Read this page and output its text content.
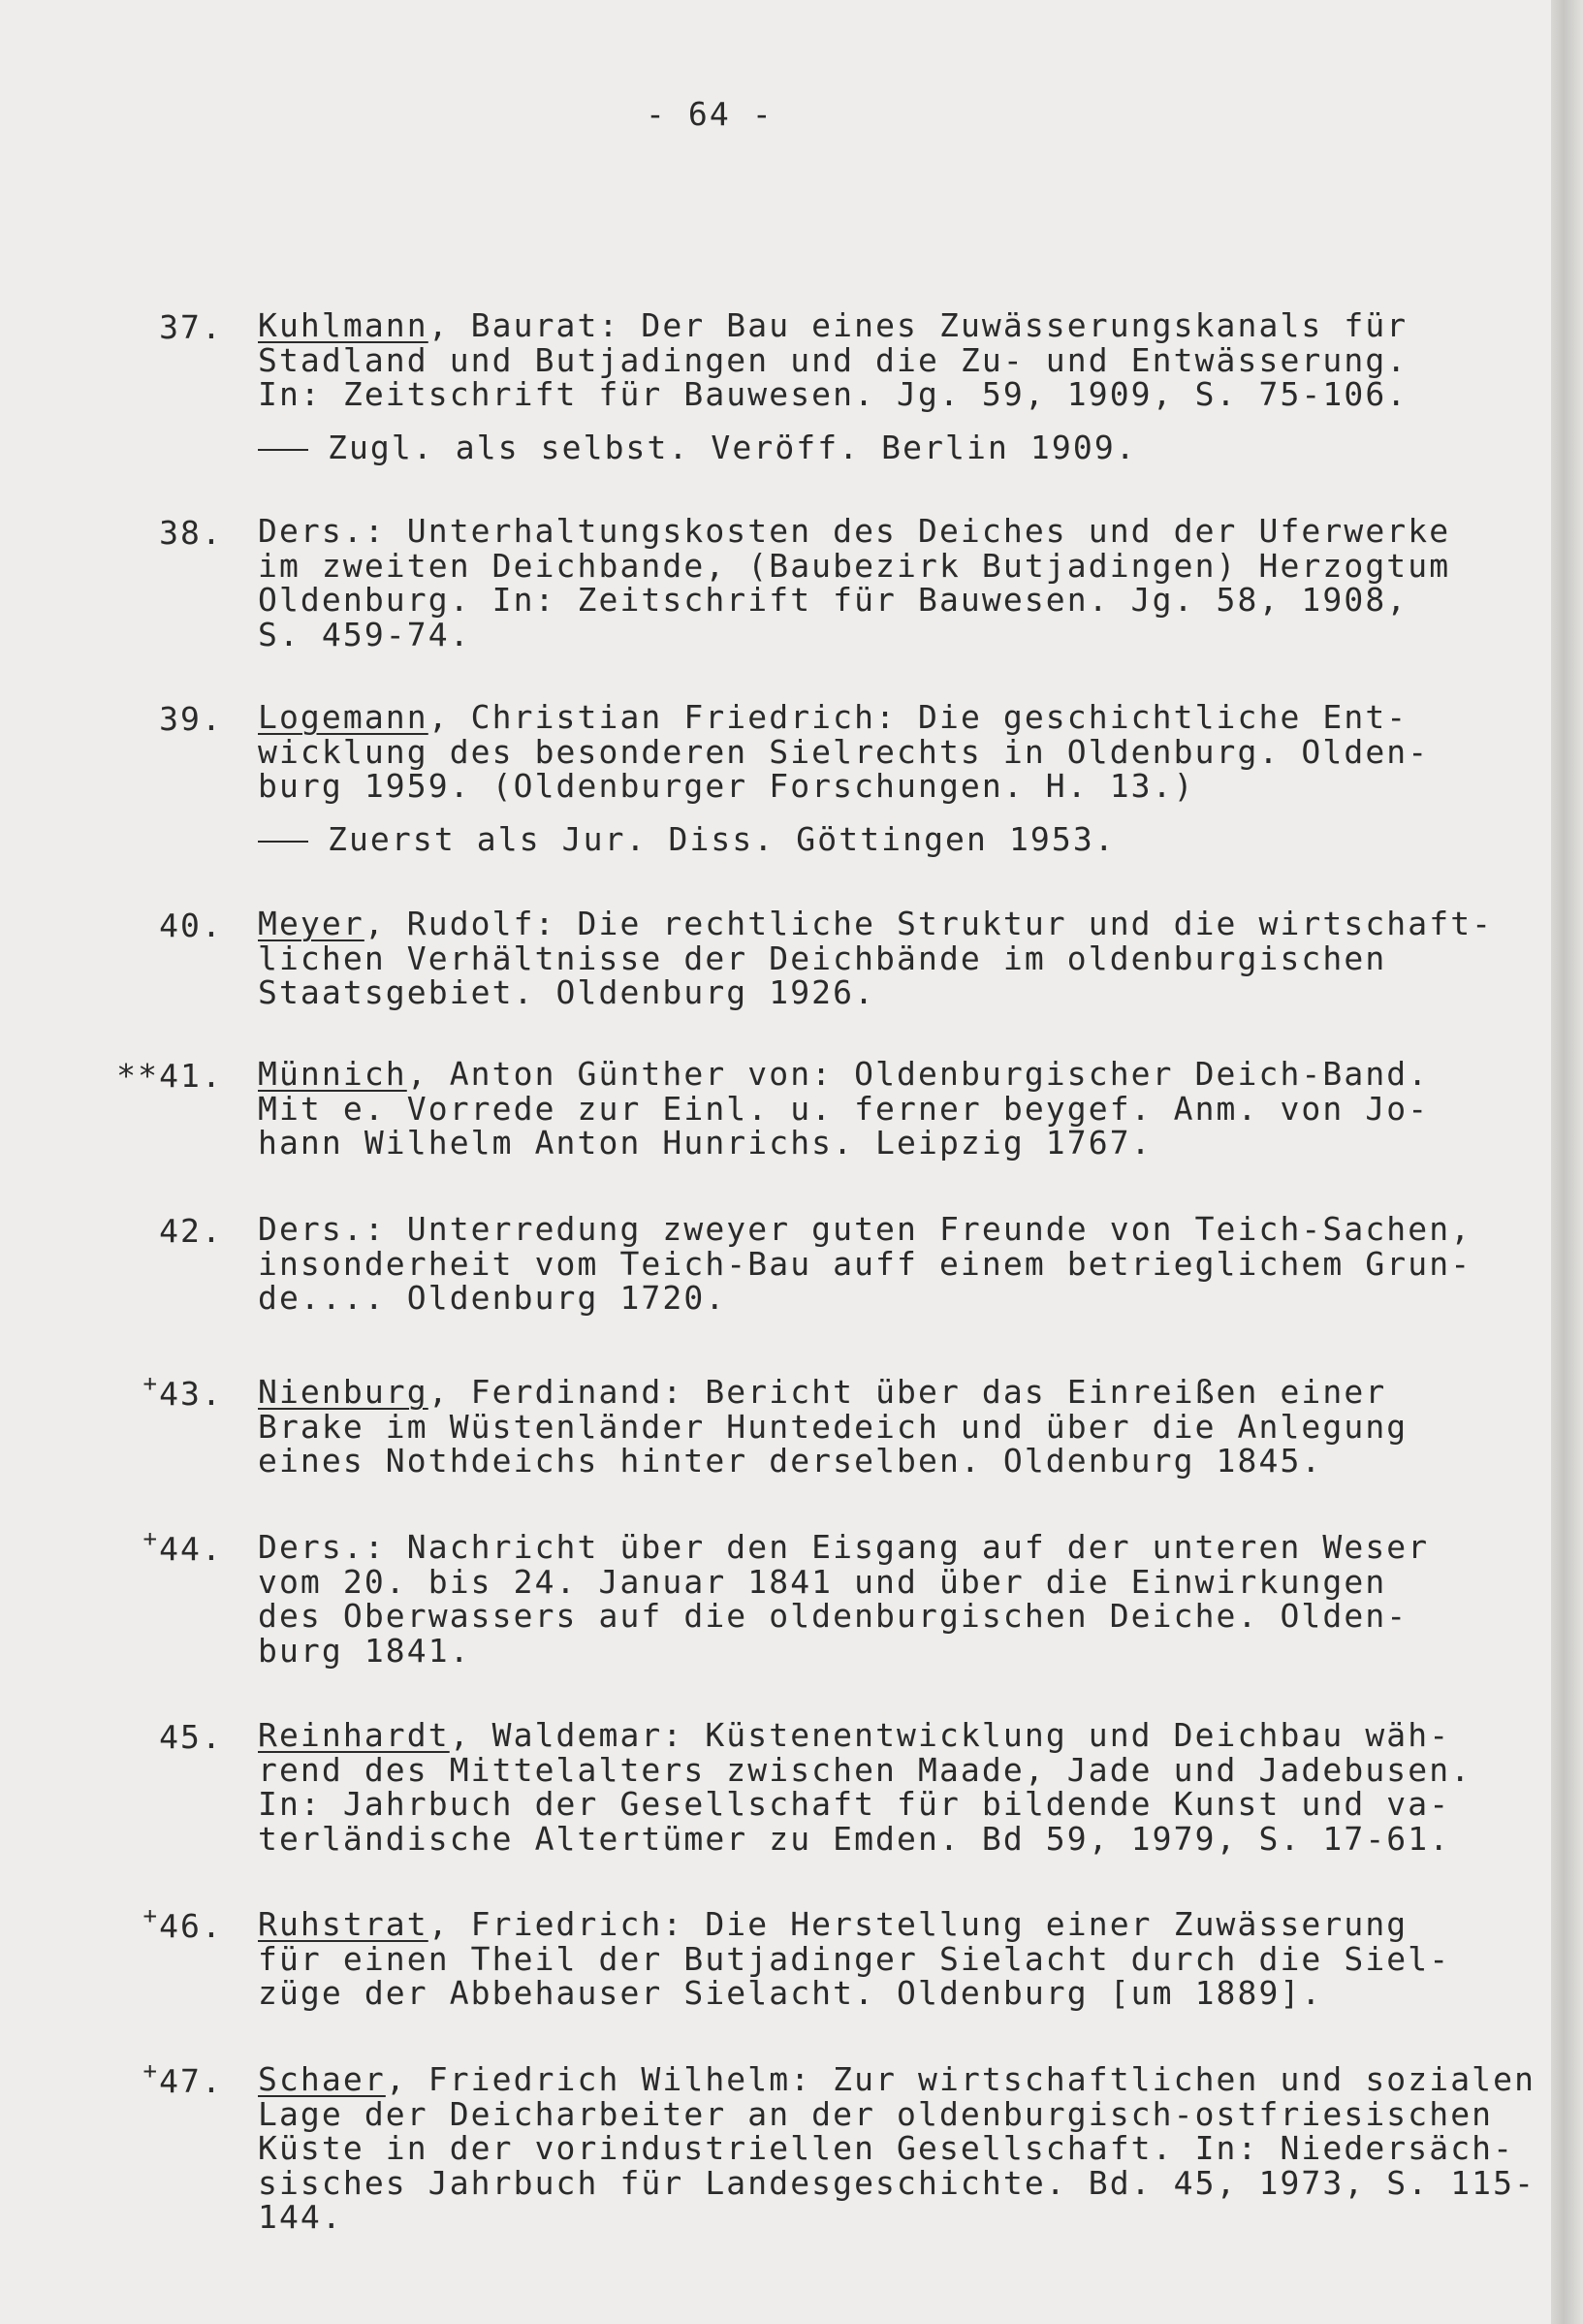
- 64 -
37. Kuhlmann, Baurat: Der Bau eines Zuwässerungskanals für
Stadland und Butjadingen und die Zu- und Entwässerung.
In: Zeitschrift für Bauwesen. Jg. 59, 1909, S. 75-106.
Zugl. als selbst. Veröff. Berlin 1909.
38. Ders.: Unterhaltungskosten des Deiches und der Uferwerke
im zweiten Deichbande, (Baubezirk Butjadingen) Herzogtum
Oldenburg. In: Zeitschrift für Bauwesen. Jg. 58, 1908,
S. 459-74.
39. Logemann, Christian Friedrich: Die geschichtliche Ent-
wicklung des besonderen Sielrechts in Oldenburg. Olden-
burg 1959. (Oldenburger Forschungen. H. 13.)
Zuerst als Jur. Diss. Göttingen 1953.
40. Meyer, Rudolf: Die rechtliche Struktur und die wirtschaft-
lichen Verhältnisse der Deichbände im oldenburgischen
Staatsgebiet. Oldenburg 1926.
**41. Münnich, Anton Günther von: Oldenburgischer Deich-Band.
Mit e. Vorrede zur Einl. u. ferner beygef. Anm. von Jo-
hann Wilhelm Anton Hunrichs. Leipzig 1767.
42. Ders.: Unterredung zweyer guten Freunde von Teich-Sachen,
insonderheit vom Teich-Bau auff einem betrieglichem Grun-
de.... Oldenburg 1720.
+43. Nienburg, Ferdinand: Bericht über das Einreißen einer
Brake im Wüstenländer Huntedeich und über die Anlegung
eines Nothdeichs hinter derselben. Oldenburg 1845.
+44. Ders.: Nachricht über den Eisgang auf der unteren Weser
vom 20. bis 24. Januar 1841 und über die Einwirkungen
des Oberwassers auf die oldenburgischen Deiche. Olden-
burg 1841.
45. Reinhardt, Waldemar: Küstenentwicklung und Deichbau wäh-
rend des Mittelalters zwischen Maade, Jade und Jadebusen.
In: Jahrbuch der Gesellschaft für bildende Kunst und va-
terländische Altertümer zu Emden. Bd 59, 1979, S. 17-61.
+46. Ruhstrat, Friedrich: Die Herstellung einer Zuwässerung
für einen Theil der Butjadinger Sielacht durch die Siel-
züge der Abbehauser Sielacht. Oldenburg [um 1889].
+47. Schaer, Friedrich Wilhelm: Zur wirtschaftlichen und sozialen
Lage der Deicharbeiter an der oldenburgisch-ostfriesischen
Küste in der vorindustriellen Gesellschaft. In: Niedersäch-
sisches Jahrbuch für Landesgeschichte. Bd. 45, 1973, S. 115-
144.
